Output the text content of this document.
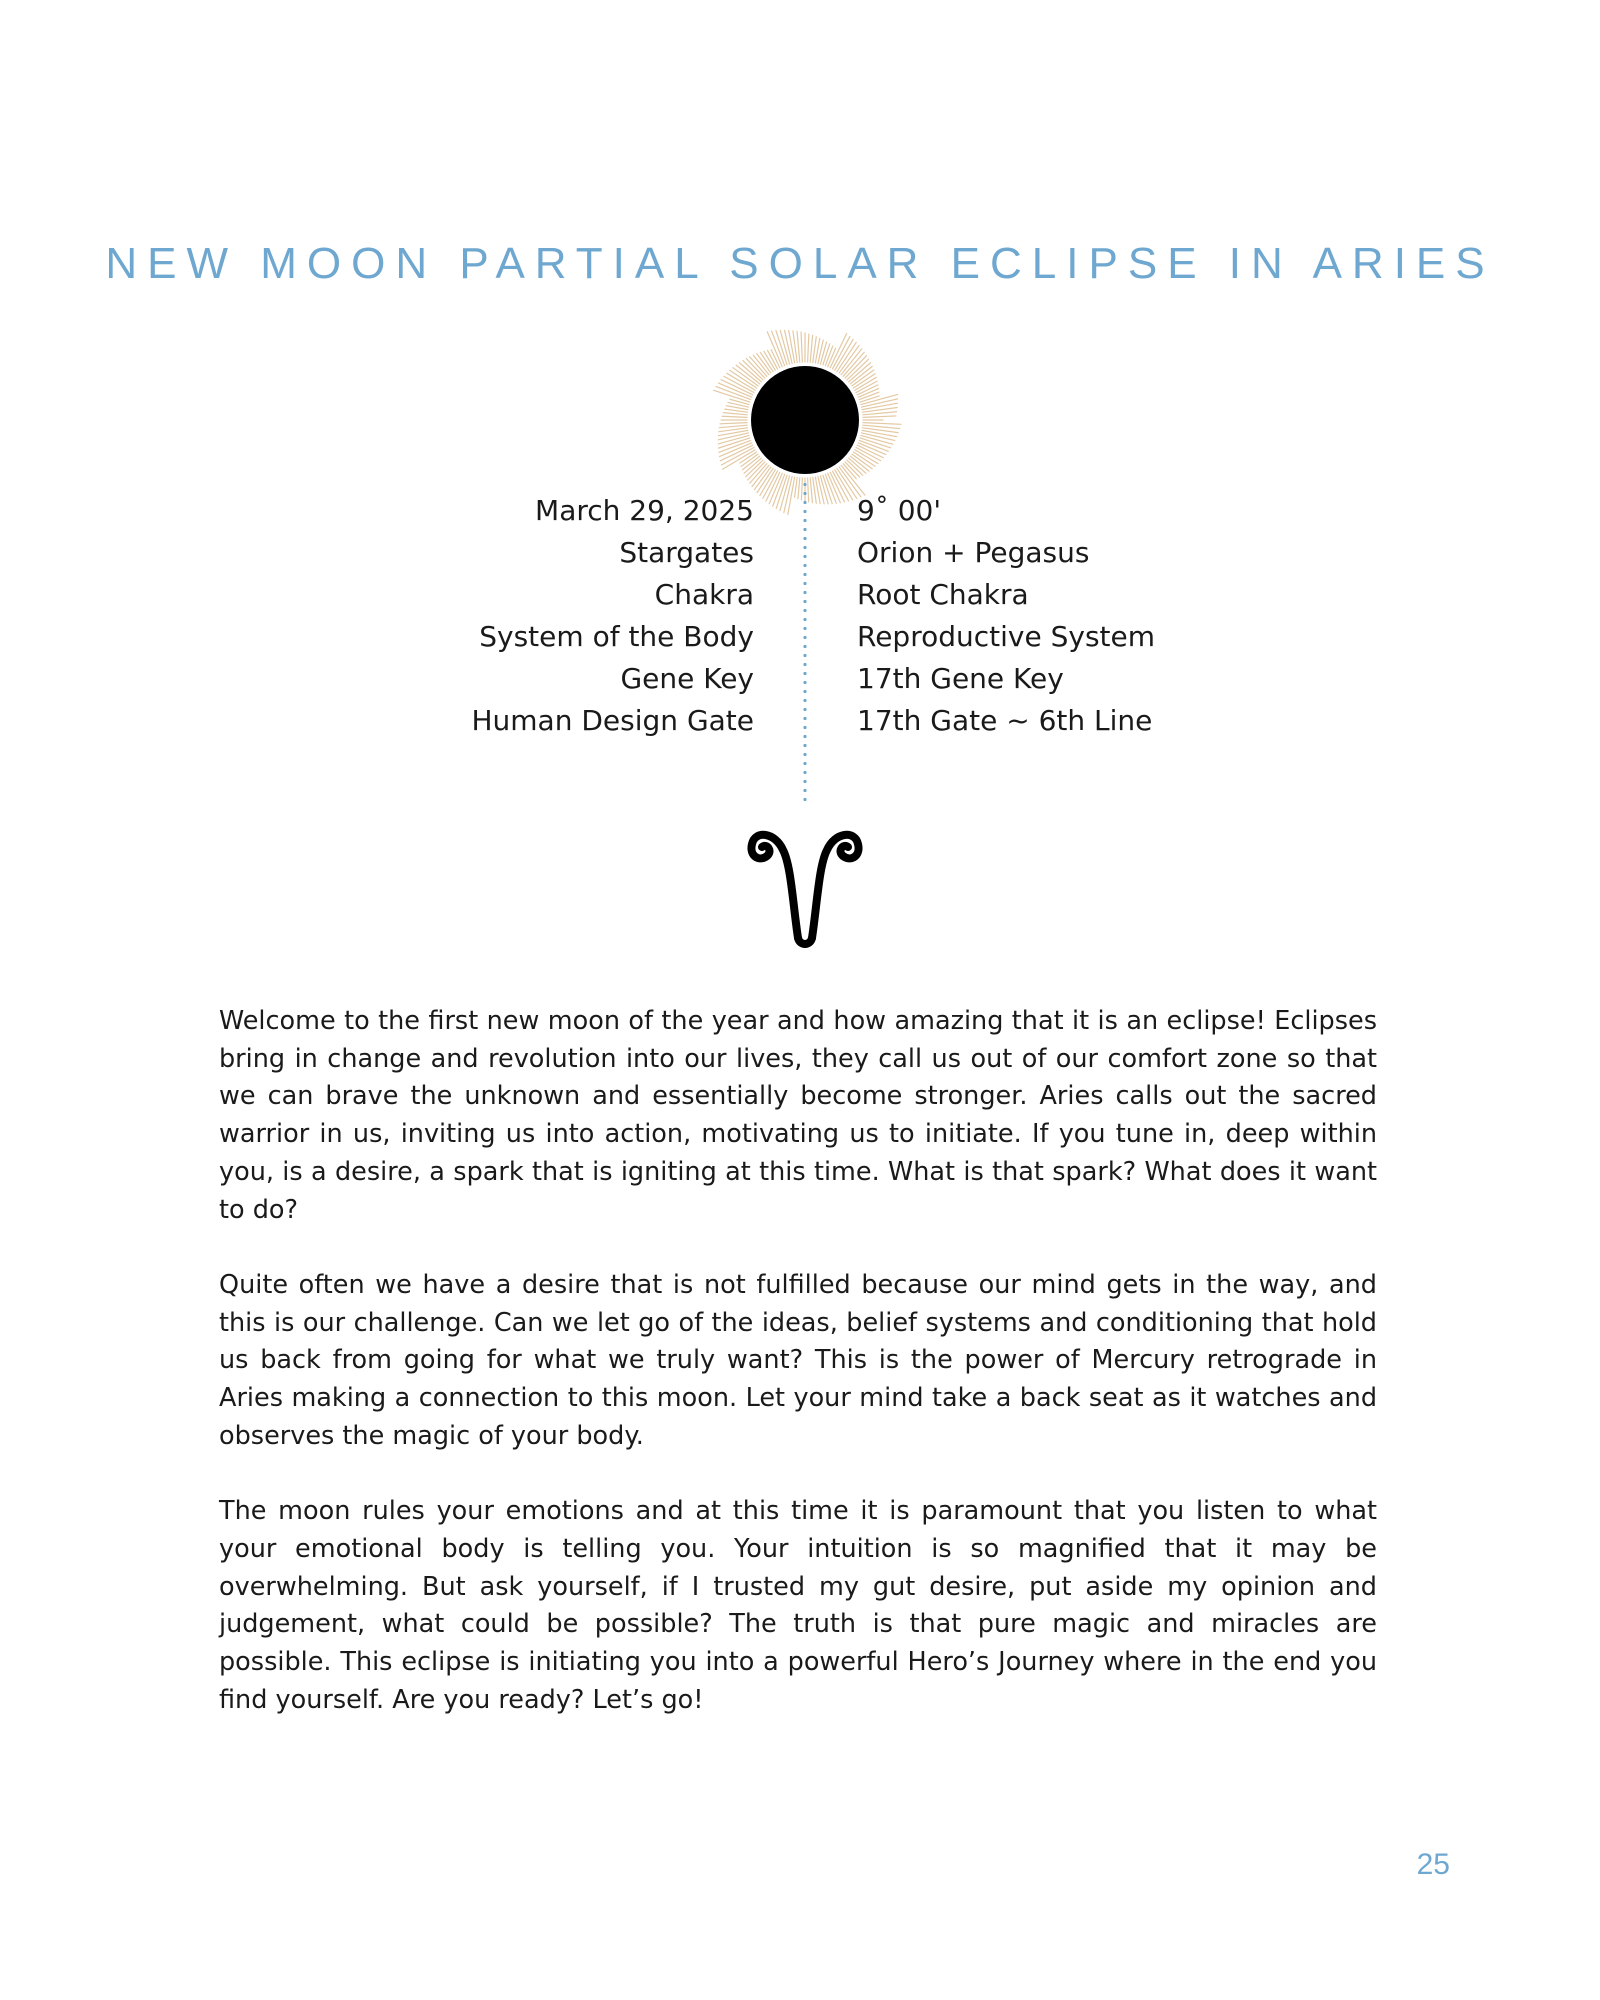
NEW MOON PARTIAL SOLAR ECLIPSE IN ARIES
March 29, 2025
Stargates
Chakra
System of the Body
Gene Key
Human Design Gate
9˚ 00'
Orion + Pegasus
Root Chakra
Reproductive System
17th Gene Key
17th Gate ~ 6th Line

Welcome to the first new moon of the year and how amazing that it is an eclipse! Eclipses bring in change and revolution into our lives, they call us out of our comfort zone so that we can brave the unknown and essentially become stronger. Aries calls out the sacred warrior in us, inviting us into action, motivating us to initiate. If you tune in, deep within you, is a desire, a spark that is igniting at this time. What is that spark? What does it want to do?

Quite often we have a desire that is not fulfilled because our mind gets in the way, and this is our challenge. Can we let go of the ideas, belief systems and conditioning that hold us back from going for what we truly want? This is the power of Mercury retrograde in Aries making a connection to this moon. Let your mind take a back seat as it watches and observes the magic of your body.

The moon rules your emotions and at this time it is paramount that you listen to what your emotional body is telling you. Your intuition is so magnified that it may be overwhelming. But ask yourself, if I trusted my gut desire, put aside my opinion and judgement, what could be possible? The truth is that pure magic and miracles are possible. This eclipse is initiating you into a powerful Hero’s Journey where in the end you find yourself. Are you ready? Let’s go!

25
